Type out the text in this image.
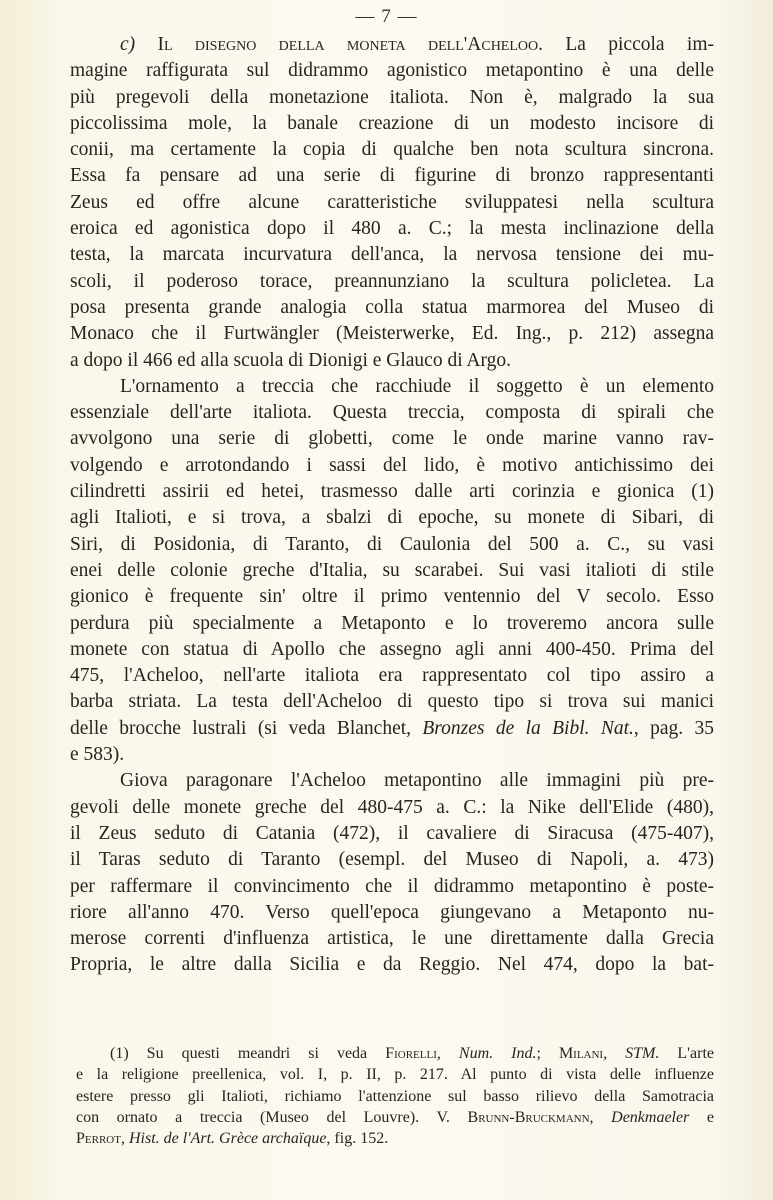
— 7 —
c) Il disegno della moneta dell'Acheloo. La piccola im-
magine raffigurata sul didrammo agonistico metapontino è una delle
più pregevoli della monetazione italiota. Non è, malgrado la sua
piccolissima mole, la banale creazione di un modesto incisore di
conii, ma certamente la copia di qualche ben nota scultura sincrona.
Essa fa pensare ad una serie di figurine di bronzo rappresentanti
Zeus ed offre alcune caratteristiche sviluppatesi nella scultura
eroica ed agonistica dopo il 480 a. C.; la mesta inclinazione della
testa, la marcata incurvatura dell'anca, la nervosa tensione dei mu-
scoli, il poderoso torace, preannunziano la scultura policletea. La
posa presenta grande analogia colla statua marmorea del Museo di
Monaco che il Furtwängler (Meisterwerke, Ed. Ing., p. 212) assegna
a dopo il 466 ed alla scuola di Dionigi e Glauco di Argo.
L'ornamento a treccia che racchiude il soggetto è un elemento
essenziale dell'arte italiota. Questa treccia, composta di spirali che
avvolgono una serie di globetti, come le onde marine vanno rav-
volgendo e arrotondando i sassi del lido, è motivo antichissimo dei
cilindretti assirii ed hetei, trasmesso dalle arti corinzia e gionica (1)
agli Italioti, e si trova, a sbalzi di epoche, su monete di Sibari, di
Siri, di Posidonia, di Taranto, di Caulonia del 500 a. C., su vasi
enei delle colonie greche d'Italia, su scarabei. Sui vasi italioti di stile
gionico è frequente sin' oltre il primo ventennio del V secolo. Esso
perdura più specialmente a Metaponto e lo troveremo ancora sulle
monete con statua di Apollo che assegno agli anni 400-450. Prima del
475, l'Acheloo, nell'arte italiota era rappresentato col tipo assiro a
barba striata. La testa dell'Acheloo di questo tipo si trova sui manici
delle brocche lustrali (si veda Blanchet, Bronzes de la Bibl. Nat., pag. 35
e 583).
Giova paragonare l'Acheloo metapontino alle immagini più pre-
gevoli delle monete greche del 480-475 a. C.: la Nike dell'Elide (480),
il Zeus seduto di Catania (472), il cavaliere di Siracusa (475-407),
il Taras seduto di Taranto (esempl. del Museo di Napoli, a. 473)
per raffermare il convincimento che il didrammo metapontino è poste-
riore all'anno 470. Verso quell'epoca giungevano a Metaponto nu-
merose correnti d'influenza artistica, le une direttamente dalla Grecia
Propria, le altre dalla Sicilia e da Reggio. Nel 474, dopo la bat-
(1) Su questi meandri si veda Fiorelli, Num. Ind.; Milani, STM. L'arte
e la religione preellenica, vol. I, p. II, p. 217. Al punto di vista delle influenze
estere presso gli Italioti, richiamo l'attenzione sul basso rilievo della Samotracia
con ornato a treccia (Museo del Louvre). V. Brunn-Bruckmann, Denkmaeler e
Perrot, Hist. de l'Art. Grèce archaïque, fig. 152.
